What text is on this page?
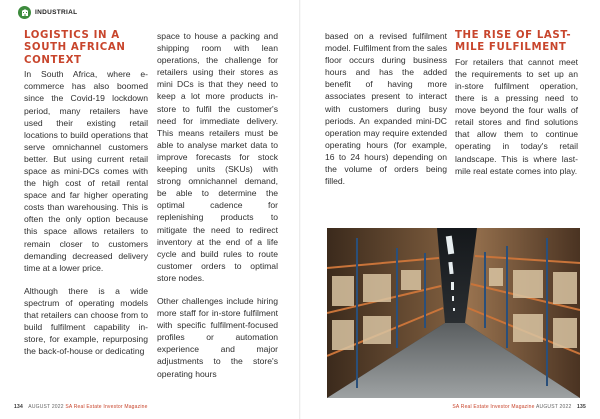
INDUSTRIAL
LOGISTICS IN A SOUTH AFRICAN CONTEXT

In South Africa, where e-commerce has also boomed since the Covid-19 lockdown period, many retailers have used their existing retail locations to build operations that serve omnichannel customers better. But using current retail space as mini-DCs comes with the high cost of retail rental space and far higher operating costs than warehousing. This is often the only option because this space allows retailers to remain closer to customers demanding decreased delivery time at a lower price.

Although there is a wide spectrum of operating models that retailers can choose from to build fulfilment capability in-store, for example, repurposing the back-of-house or dedicating

space to house a packing and shipping room with lean operations, the challenge for retailers using their stores as mini DCs is that they need to keep a lot more products in-store to fulfil the customer's need for immediate delivery. This means retailers must be able to analyse market data to improve forecasts for stock keeping units (SKUs) with strong omnichannel demand, be able to determine the optimal cadence for replenishing products to mitigate the need to redirect inventory at the end of a life cycle and build rules to route customer orders to optimal store nodes.

Other challenges include hiring more staff for in-store fulfilment with specific fulfilment-focused profiles or automation experience and major adjustments to the store's operating hours

based on a revised fulfilment model. Fulfilment from the sales floor occurs during business hours and has the added benefit of having more associates present to interact with customers during busy periods. An expanded mini-DC operation may require extended operating hours (for example, 16 to 24 hours) depending on the volume of orders being filled.

THE RISE OF LAST-MILE FULFILMENT

For retailers that cannot meet the requirements to set up an in-store fulfilment operation, there is a pressing need to move beyond the four walls of retail stores and find solutions that allow them to continue operating in today's retail landscape. This is where last-mile real estate comes into play.

134 AUGUST 2022 SA Real Estate Investor Magazine	SA Real Estate Investor Magazine AUGUST 2022 135
